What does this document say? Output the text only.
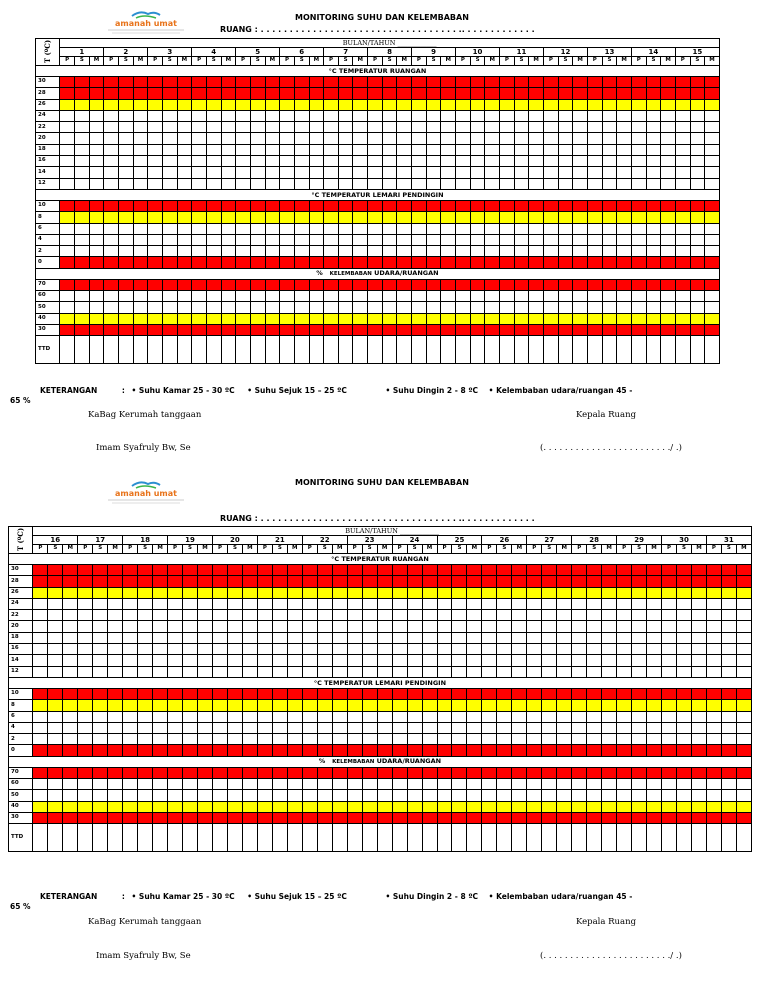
amanah umat
MONITORING SUHU DAN KELEMBABAN
RUANG : . . . . . . . . . . . . . . . . . . . . . . . . . . . . . . . . . . .. . . . . . . . . . . . .
T (ºC)	BULAN/TAHUN ____________																																												
	1			2			3			4			5			6			7			8			9			10			11			12			13			14			15		
	P	S	M	P	S	M	P	S	M	P	S	M	P	S	M	P	S	M	P	S	M	P	S	M	P	S	M	P	S	M	P	S	M	P	S	M	P	S	M	P	S	M	P	S	M
°C TEMPERATUR RUANGAN																																													
30																																													
28																																													
26																																													
24																																													
22																																													
20																																													
18																																													
16																																													
14																																													
12																																													
°C TEMPERATUR LEMARI PENDINGIN																																													
10																																													
8																																													
6																																													
4																																													
2																																													
0																																													
% KELEMBABAN UDARA/RUANGAN																																													
70																																													
60																																													
50																																													
40																																													
30																																													
TTD																																													
KETERANGAN	: • Suhu Kamar 25 - 30 ºC • Suhu Sejuk 15 – 25 ºC	• Suhu Dingin 2 - 8 ºC • Kelembaban udara/ruangan 45 -
65 %
KaBag Kerumah tanggaan	Kepala Ruang
Imam Syafruly Bw, Se	(. . . . . . . . . . . . . . . . . . . . . . . ./ .)
amanah umat
MONITORING SUHU DAN KELEMBABAN
RUANG : . . . . . . . . . . . . . . . . . . . . . . . . . . . . . . . . . . .. . . . . . . . . . . . .
T (ºC)	BULAN/TAHUN ____________																																															
	16			17			18			19			20			21			22			23			24			25			26			27			28			29			30			31		
	P	S	M	P	S	M	P	S	M	P	S	M	P	S	M	P	S	M	P	S	M	P	S	M	P	S	M	P	S	M	P	S	M	P	S	M	P	S	M	P	S	M	P	S	M	P	S	M
°C TEMPERATUR RUANGAN																																																
30																																																
28																																																
26																																																
24																																																
22																																																
20																																																
18																																																
16																																																
14																																																
12																																																
°C TEMPERATUR LEMARI PENDINGIN																																																
10																																																
8																																																
6																																																
4																																																
2																																																
0																																																
% KELEMBABAN UDARA/RUANGAN																																																
70																																																
60																																																
50																																																
40																																																
30																																																
TTD																																																
KETERANGAN	: • Suhu Kamar 25 - 30 ºC • Suhu Sejuk 15 – 25 ºC	• Suhu Dingin 2 - 8 ºC • Kelembaban udara/ruangan 45 -
65 %
KaBag Kerumah tanggaan	Kepala Ruang
Imam Syafruly Bw, Se	(. . . . . . . . . . . . . . . . . . . . . . . ./ .)
